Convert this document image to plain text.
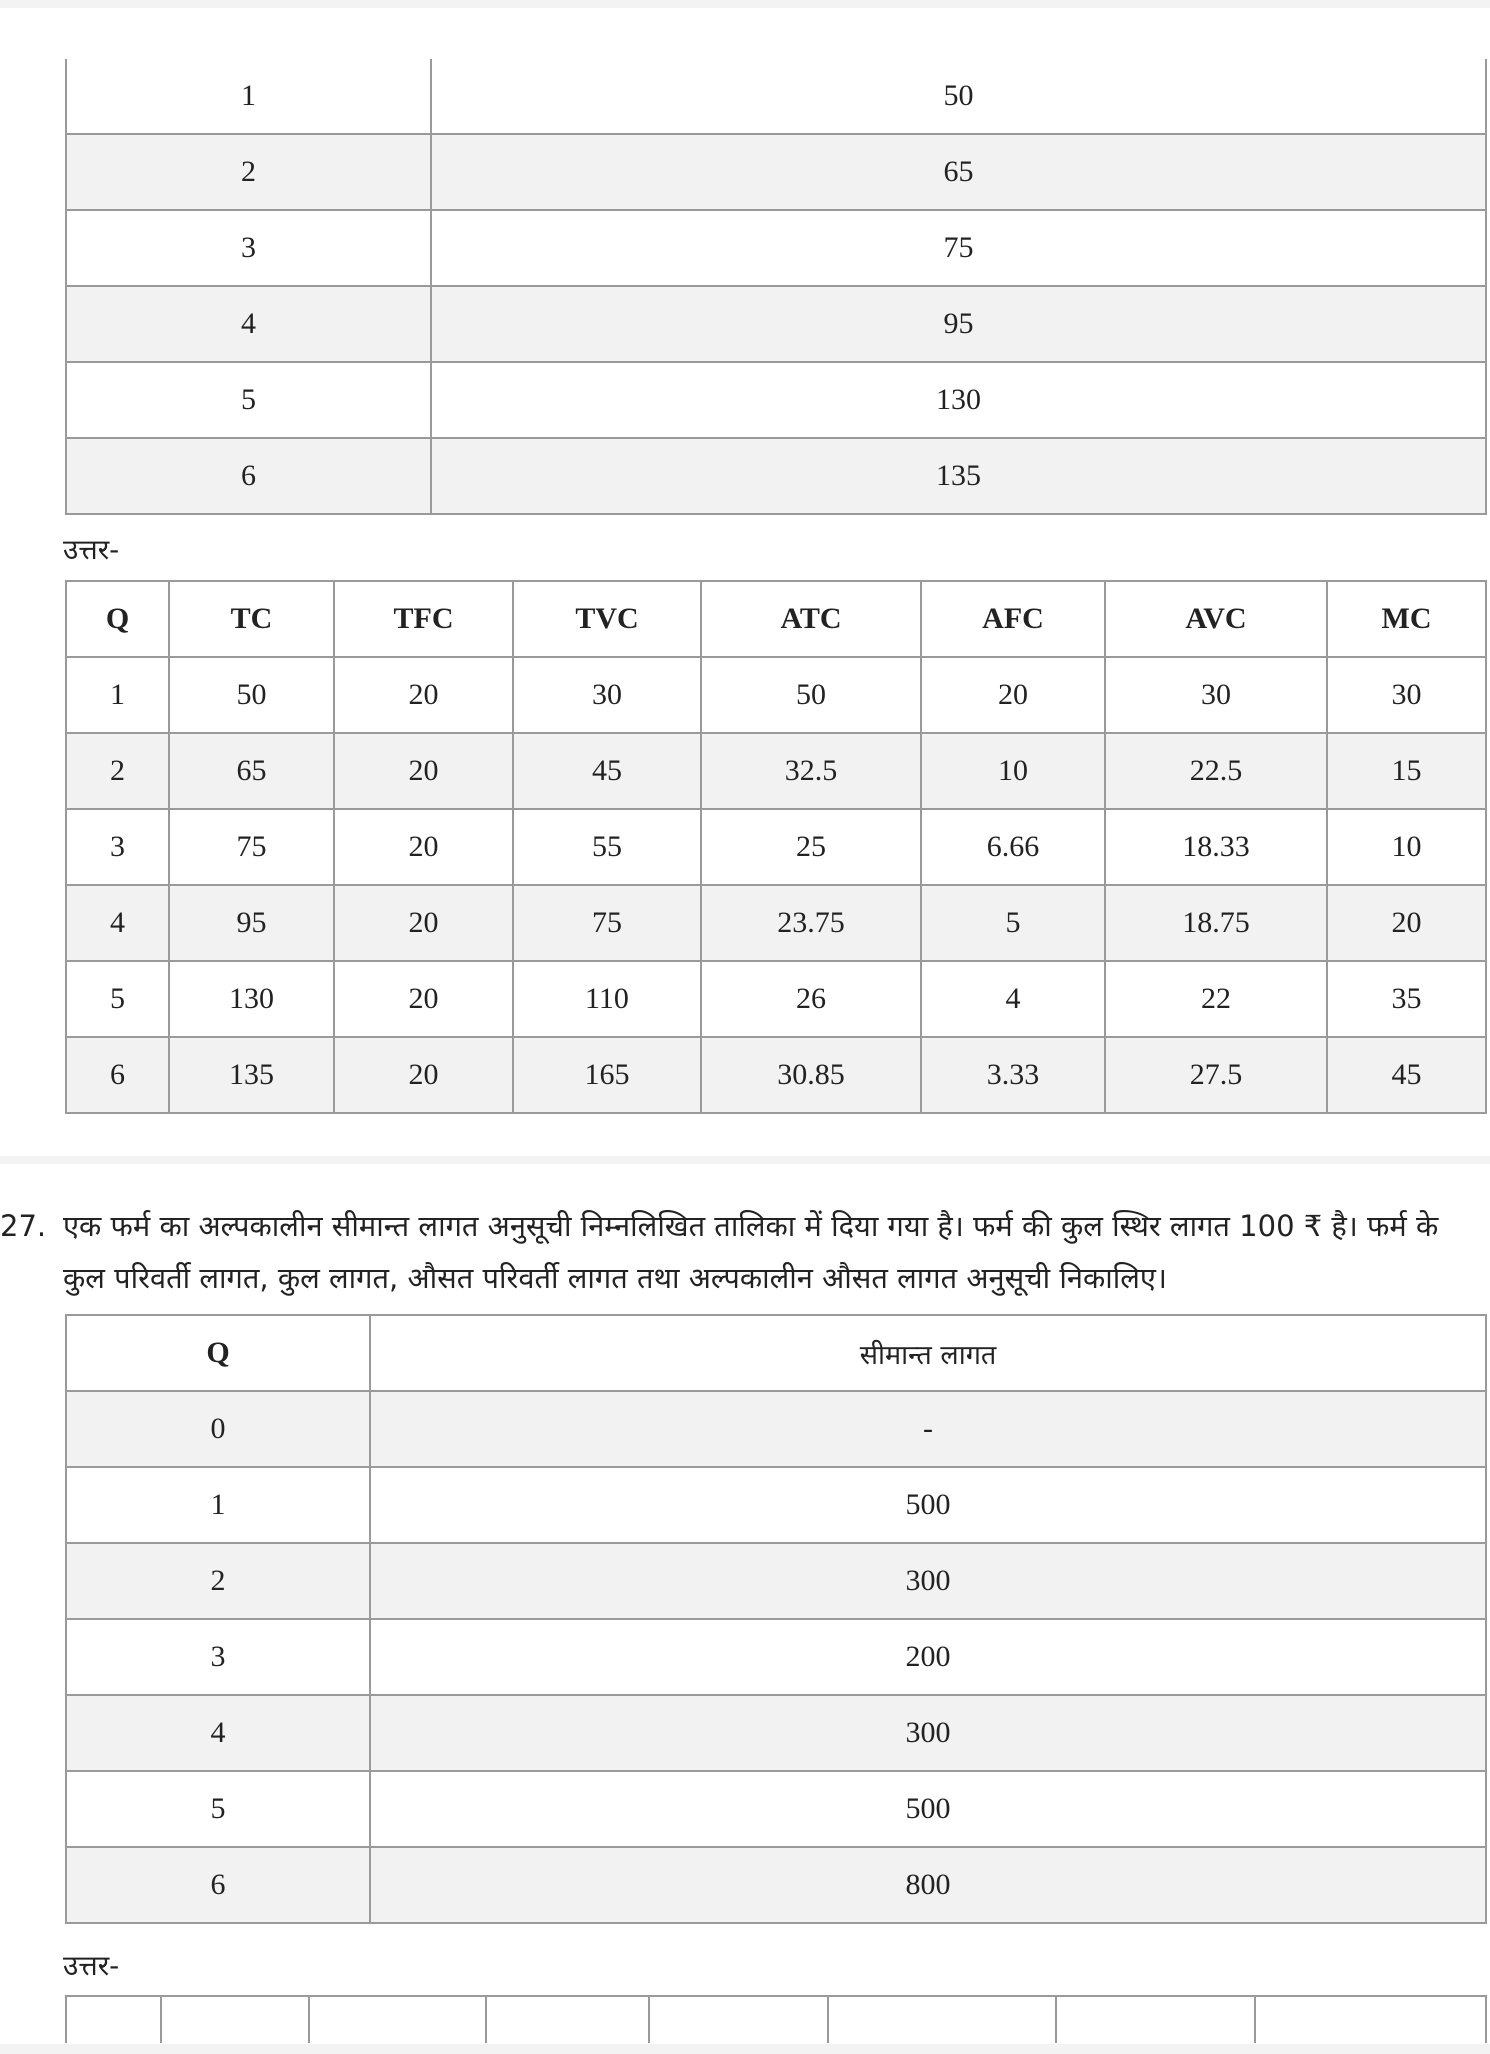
1	50
2	65
3	75
4	95
5	130
6	135
उत्तर-
Q	TC	TFC	TVC	ATC	AFC	AVC	MC
1	50	20	30	50	20	30	30
2	65	20	45	32.5	10	22.5	15
3	75	20	55	25	6.66	18.33	10
4	95	20	75	23.75	5	18.75	20
5	130	20	110	26	4	22	35
6	135	20	165	30.85	3.33	27.5	45
27. एक फर्म का अल्पकालीन सीमान्त लागत अनुसूची निम्नलिखित तालिका में दिया गया है। फर्म की कुल स्थिर लागत 100 ₹ है। फर्म के कुल परिवर्ती लागत, कुल लागत, औसत परिवर्ती लागत तथा अल्पकालीन औसत लागत अनुसूची निकालिए।
Q	सीमान्त लागत
0	-
1	500
2	300
3	200
4	300
5	500
6	800
उत्तर-
